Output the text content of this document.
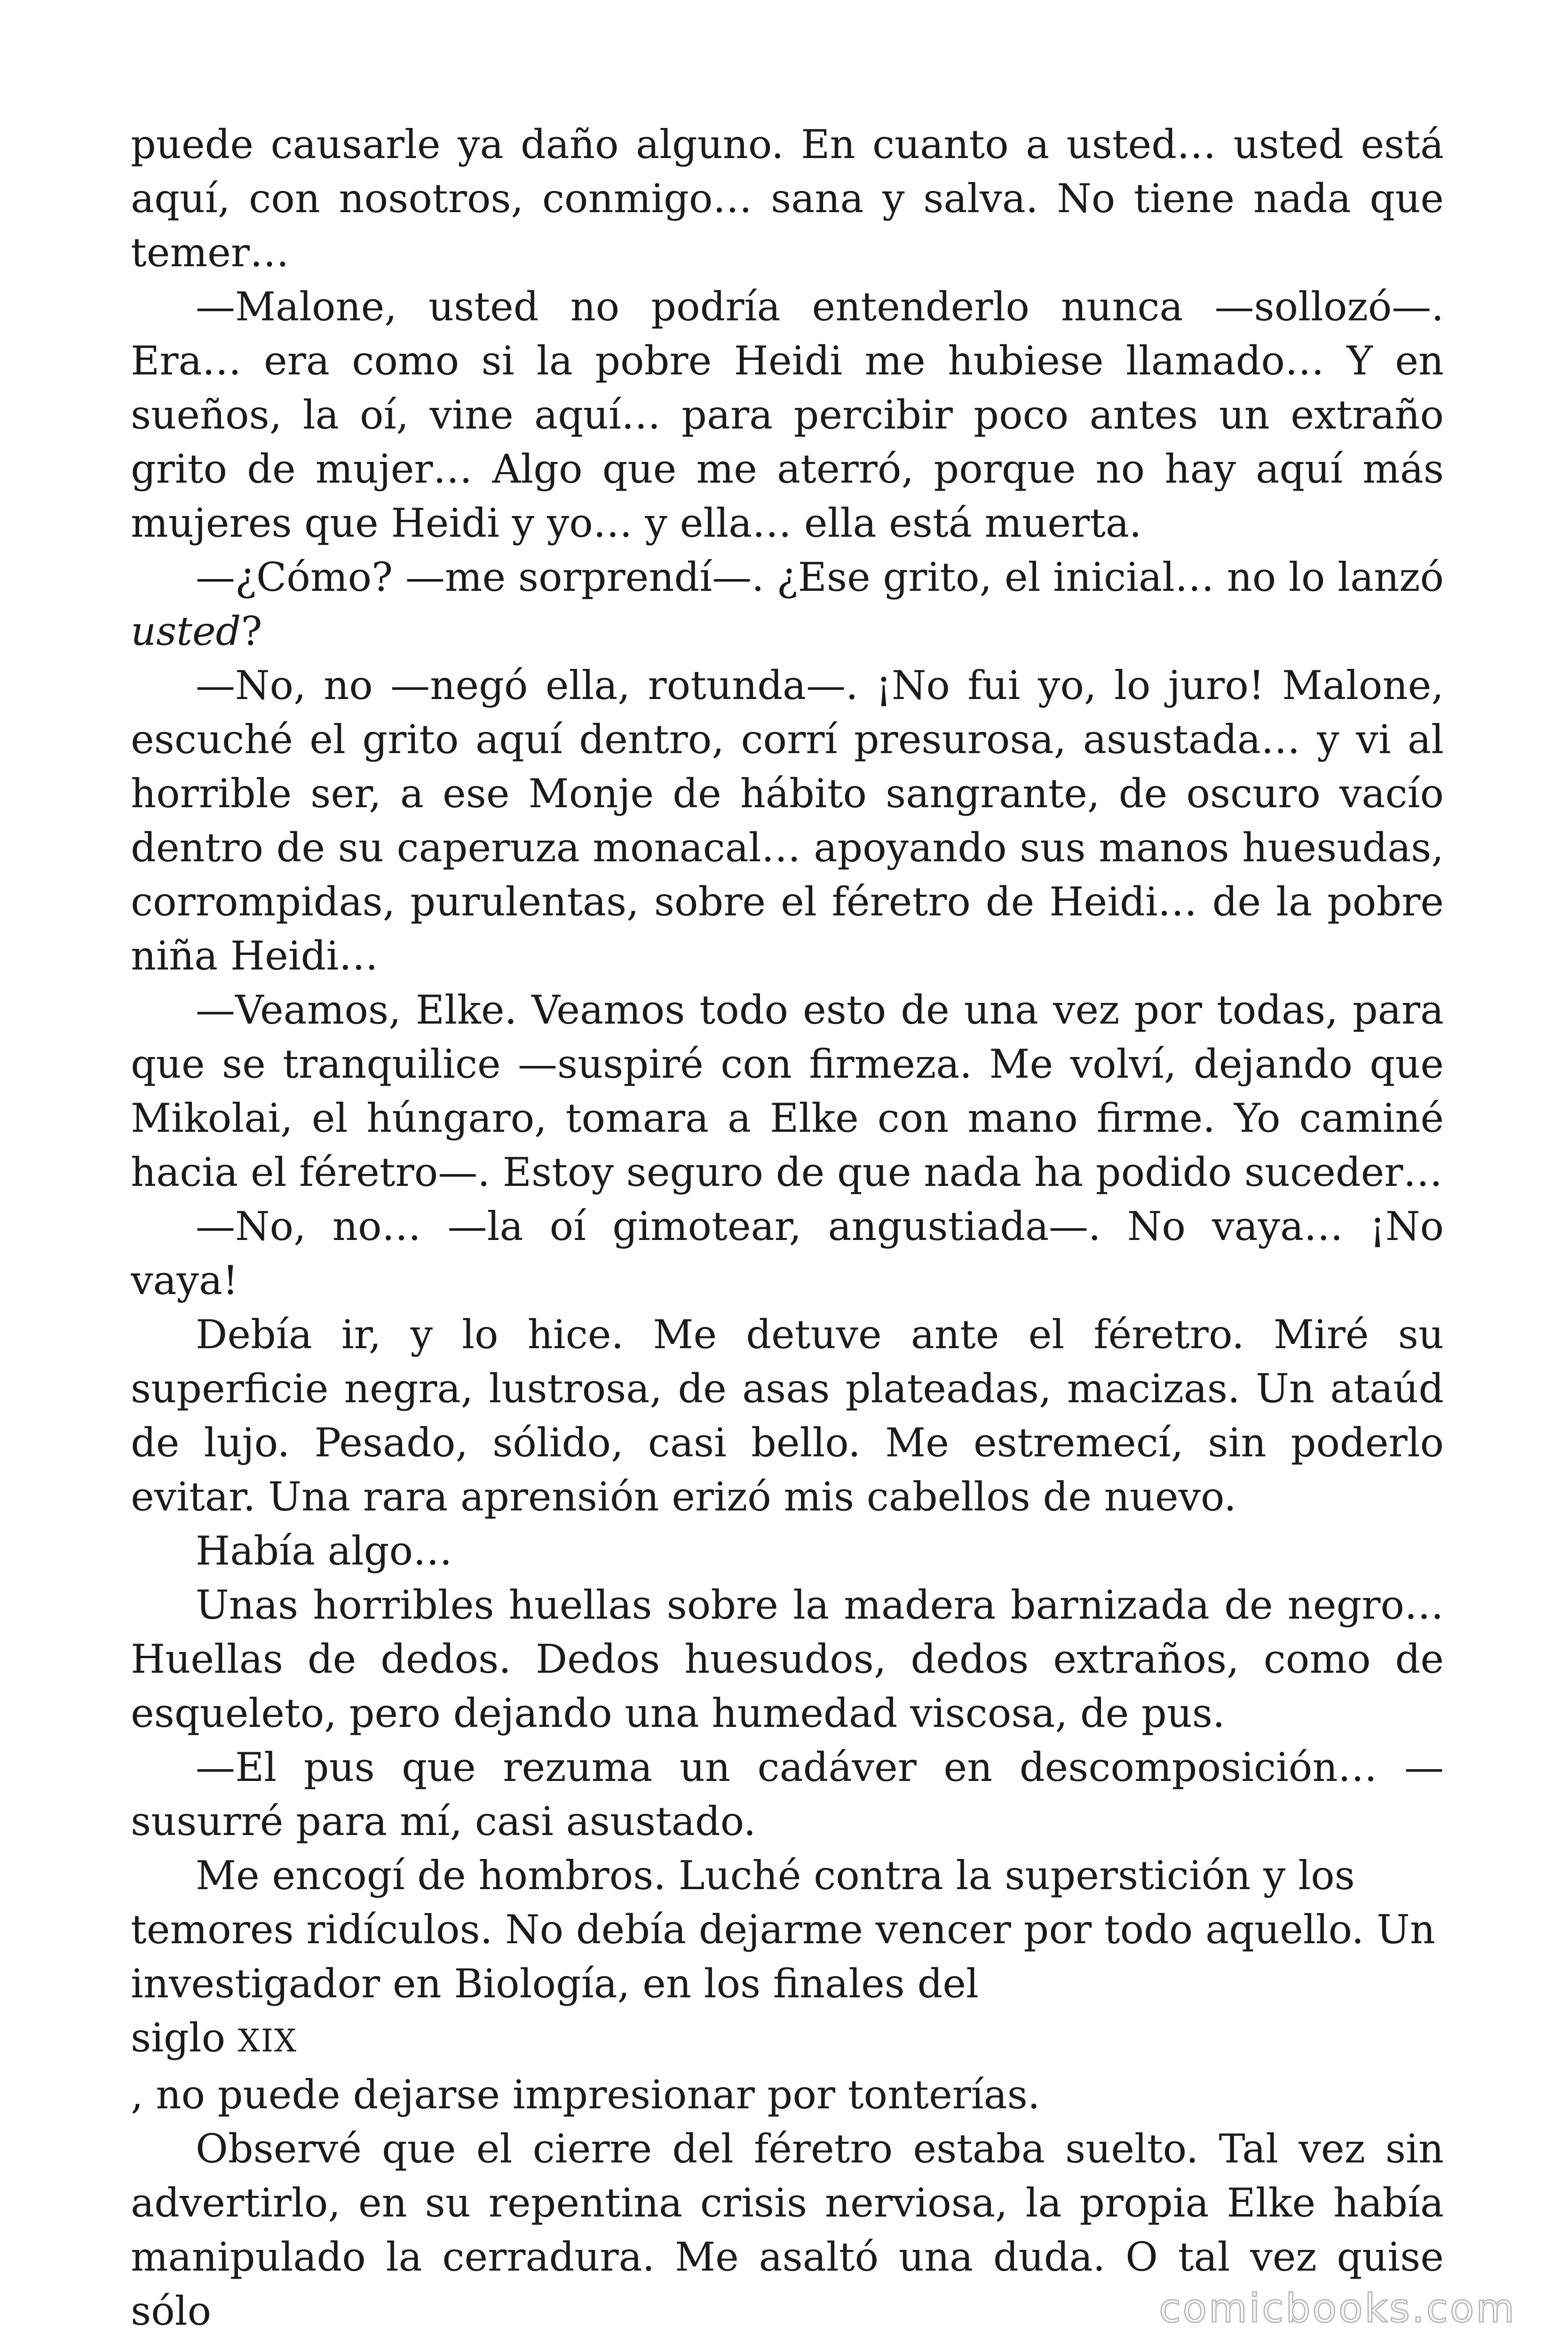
puede causarle ya daño alguno. En cuanto a usted… usted está aquí, con nosotros, conmigo… sana y salva. No tiene nada que temer…

—Malone, usted no podría entenderlo nunca —sollozó—. Era… era como si la pobre Heidi me hubiese llamado… Y en sueños, la oí, vine aquí… para percibir poco antes un extraño grito de mujer… Algo que me aterró, porque no hay aquí más mujeres que Heidi y yo… y ella… ella está muerta.

—¿Cómo? —me sorprendí—. ¿Ese grito, el inicial… no lo lanzó usted?

—No, no —negó ella, rotunda—. ¡No fui yo, lo juro! Malone, escuché el grito aquí dentro, corrí presurosa, asustada… y vi al horrible ser, a ese Monje de hábito sangrante, de oscuro vacío dentro de su caperuza monacal… apoyando sus manos huesudas, corrompidas, purulentas, sobre el féretro de Heidi… de la pobre niña Heidi…

—Veamos, Elke. Veamos todo esto de una vez por todas, para que se tranquilice —suspiré con firmeza. Me volví, dejando que Mikolai, el húngaro, tomara a Elke con mano firme. Yo caminé hacia el féretro—. Estoy seguro de que nada ha podido suceder…

—No, no… —la oí gimotear, angustiada—. No vaya… ¡No vaya!

Debía ir, y lo hice. Me detuve ante el féretro. Miré su superficie negra, lustrosa, de asas plateadas, macizas. Un ataúd de lujo. Pesado, sólido, casi bello. Me estremecí, sin poderlo evitar. Una rara aprensión erizó mis cabellos de nuevo.

Había algo…

Unas horribles huellas sobre la madera barnizada de negro… Huellas de dedos. Dedos huesudos, dedos extraños, como de esqueleto, pero dejando una humedad viscosa, de pus.

—El pus que rezuma un cadáver en descomposición… —susurré para mí, casi asustado.

Me encogí de hombros. Luché contra la superstición y los temores ridículos. No debía dejarme vencer por todo aquello. Un investigador en Biología, en los finales del

siglo XIX

, no puede dejarse impresionar por tonterías.

Observé que el cierre del féretro estaba suelto. Tal vez sin advertirlo, en su repentina crisis nerviosa, la propia Elke había manipulado la cerradura. Me asaltó una duda. O tal vez quise sólo	comicbooks.com
